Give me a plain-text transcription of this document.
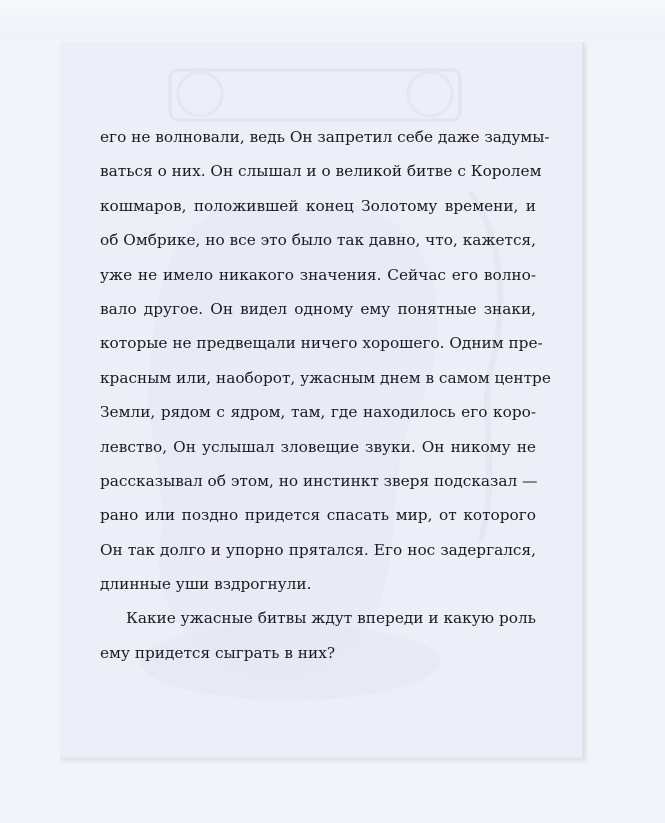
его не волновали, ведь Он запретил себе даже задумы-
ваться о них. Он слышал и о великой битве с Королем
кошмаров, положившей конец Золотому времени, и
об Омбрике, но все это было так давно, что, кажется,
уже не имело никакого значения. Сейчас его волно-
вало другое. Он видел одному ему понятные знаки,
которые не предвещали ничего хорошего. Одним пре-
красным или, наоборот, ужасным днем в самом центре
Земли, рядом с ядром, там, где находилось его коро-
левство, Он услышал зловещие звуки. Он никому не
рассказывал об этом, но инстинкт зверя подсказал —
рано или поздно придется спасать мир, от которого
Он так долго и упорно прятался. Его нос задергался,
длинные уши вздрогнули.
Какие ужасные битвы ждут впереди и какую роль
ему придется сыграть в них?
